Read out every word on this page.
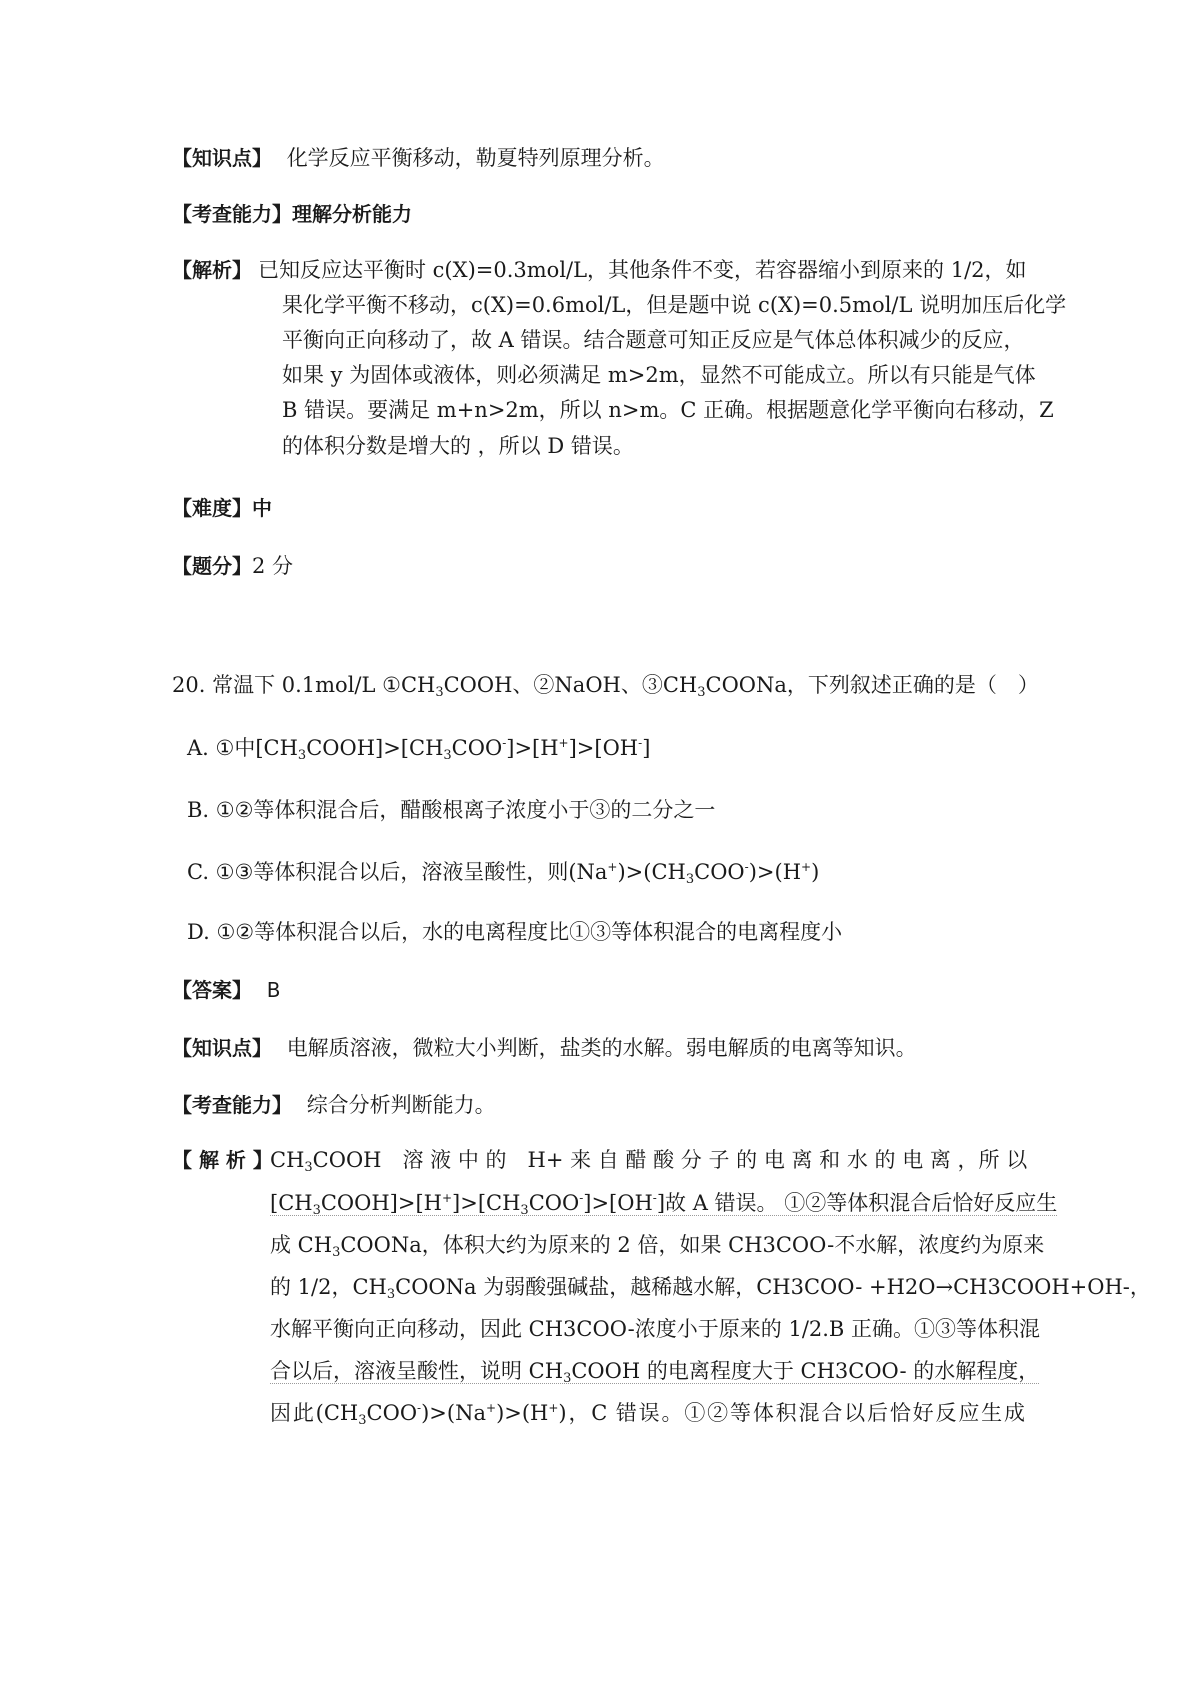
【知识点】 化学反应平衡移动，勒夏特列原理分析。
【考查能力】理解分析能力
【解析】 已知反应达平衡时 c(X)=0.3mol/L，其他条件不变，若容器缩小到原来的 1/2，如
果化学平衡不移动，c(X)=0.6mol/L，但是题中说 c(X)=0.5mol/L 说明加压后化学
平衡向正向移动了，故 A 错误。结合题意可知正反应是气体总体积减少的反应，
如果 y 为固体或液体，则必须满足 m>2m，显然不可能成立。所以有只能是气体
B 错误。要满足 m+n>2m，所以 n>m。C 正确。根据题意化学平衡向右移动，Z
的体积分数是增大的 ，所以 D 错误。
【难度】中
【题分】2 分
20. 常温下 0.1mol/L $①CH_3COOH$、②NaOH、$③CH_3COONa$，下列叙述正确的是（　）
A. ①中$[CH_3COOH]>[CH_3COO^-]>[H^+]>[OH^-]$
B. ①②等体积混合后，醋酸根离子浓度小于③的二分之一
C. ①③等体积混合以后，溶液呈酸性，则$(Na^+)>(CH_3COO^-)>(H^+)$
D. ①②等体积混合以后，水的电离程度比①③等体积混合的电离程度小
【答案】 B
【知识点】 电解质溶液，微粒大小判断，盐类的水解。弱电解质的电离等知识。
【考查能力】 综合分析判断能力。
【 解 析 】
$CH_3COOH$　溶 液 中 的　H+ 来 自 醋 酸 分 子 的 电 离 和 水 的 电 离 ，所 以
$[CH_3COOH]>[H^+]>[CH_3COO^-]>[OH^-]$故 A 错误。 ①②等体积混合后恰好反应生
成 $CH_3COONa$，体积大约为原来的 2 倍，如果 CH3COO-不水解，浓度约为原来
的 1/2，$CH_3COONa$ 为弱酸强碱盐，越稀越水解，CH3COO- +H2O→CH3COOH+OH-，
水解平衡向正向移动，因此 CH3COO-浓度小于原来的 1/2.B 正确。①③等体积混
合以后，溶液呈酸性，说明 $CH_3COOH$ 的电离程度大于 CH3COO- 的水解程度，
因此$(CH_3COO^-)>(Na^+)>(H^+)$，C 错误。①②等体积混合以后恰好反应生成
